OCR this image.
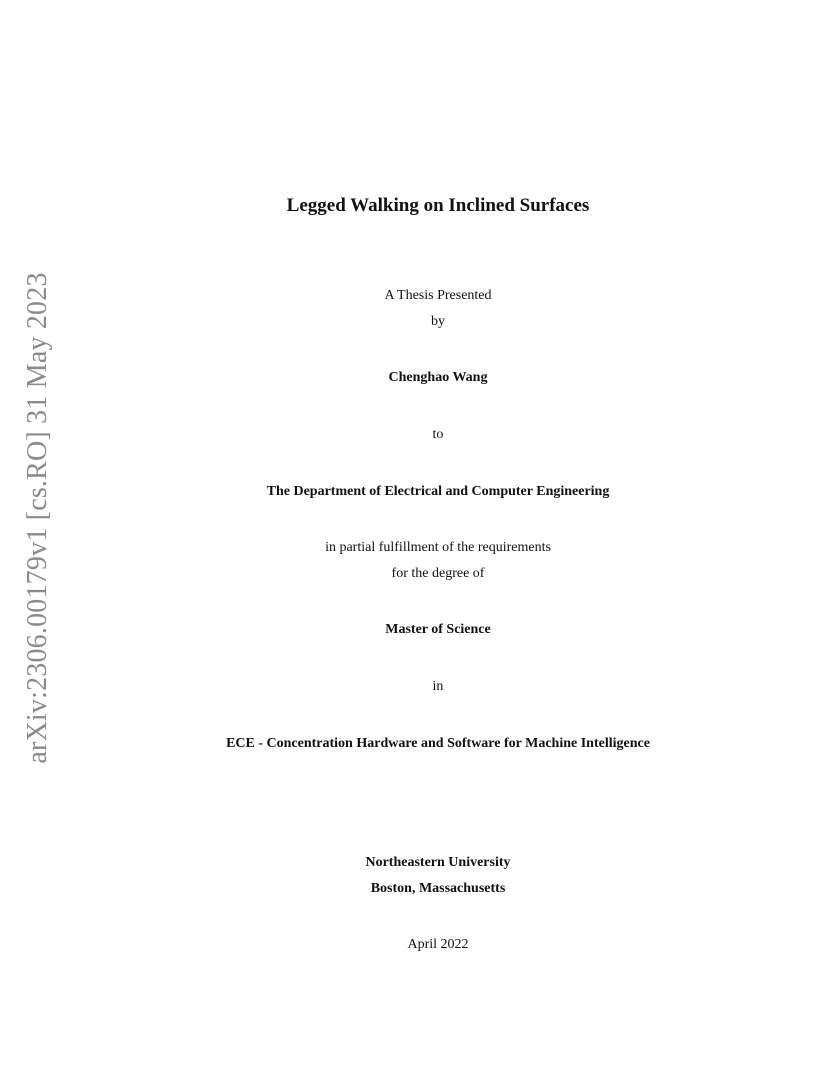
arXiv:2306.00179v1 [cs.RO] 31 May 2023
Legged Walking on Inclined Surfaces
A Thesis Presented
by
Chenghao Wang
to
The Department of Electrical and Computer Engineering
in partial fulfillment of the requirements
for the degree of
Master of Science
in
ECE - Concentration Hardware and Software for Machine Intelligence
Northeastern University
Boston, Massachusetts
April 2022
